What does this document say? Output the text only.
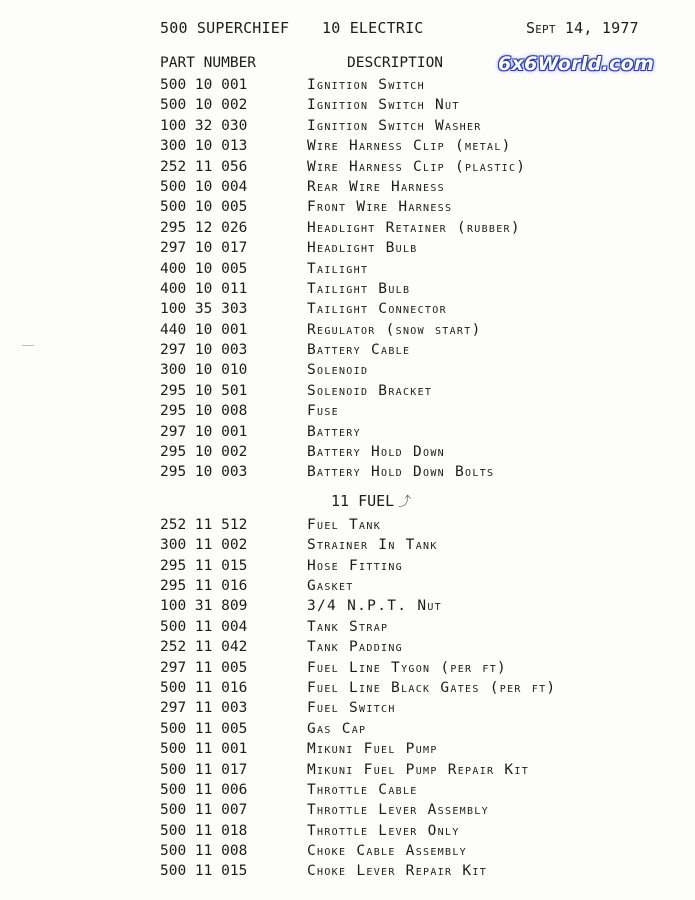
500 SUPERCHIEF 10 ELECTRIC	Sept 14, 1977
PART NUMBER	DESCRIPTION	6x6World.com
500 10 001	Ignition Switch
500 10 002	Ignition Switch Nut
100 32 030	Ignition Switch Washer
300 10 013	Wire Harness Clip (metal)
252 11 056	Wire Harness Clip (plastic)
500 10 004	Rear Wire Harness
500 10 005	Front Wire Harness
295 12 026	Headlight Retainer (rubber)
297 10 017	Headlight Bulb
400 10 005	Tailight
400 10 011	Tailight Bulb
100 35 303	Tailight Connector
440 10 001	Regulator (snow start)
297 10 003	Battery Cable
300 10 010	Solenoid
295 10 501	Solenoid Bracket
295 10 008	Fuse
297 10 001	Battery
295 10 002	Battery Hold Down
295 10 003	Battery Hold Down Bolts
11 FUEL ⤴
252 11 512	Fuel Tank
300 11 002	Strainer In Tank
295 11 015	Hose Fitting
295 11 016	Gasket
100 31 809	3/4 N.P.T. Nut
500 11 004	Tank Strap
252 11 042	Tank Padding
297 11 005	Fuel Line Tygon (per ft)
500 11 016	Fuel Line Black Gates (per ft)
297 11 003	Fuel Switch
500 11 005	Gas Cap
500 11 001	Mikuni Fuel Pump
500 11 017	Mikuni Fuel Pump Repair Kit
500 11 006	Throttle Cable
500 11 007	Throttle Lever Assembly
500 11 018	Throttle Lever Only
500 11 008	Choke Cable Assembly
500 11 015	Choke Lever Repair Kit
